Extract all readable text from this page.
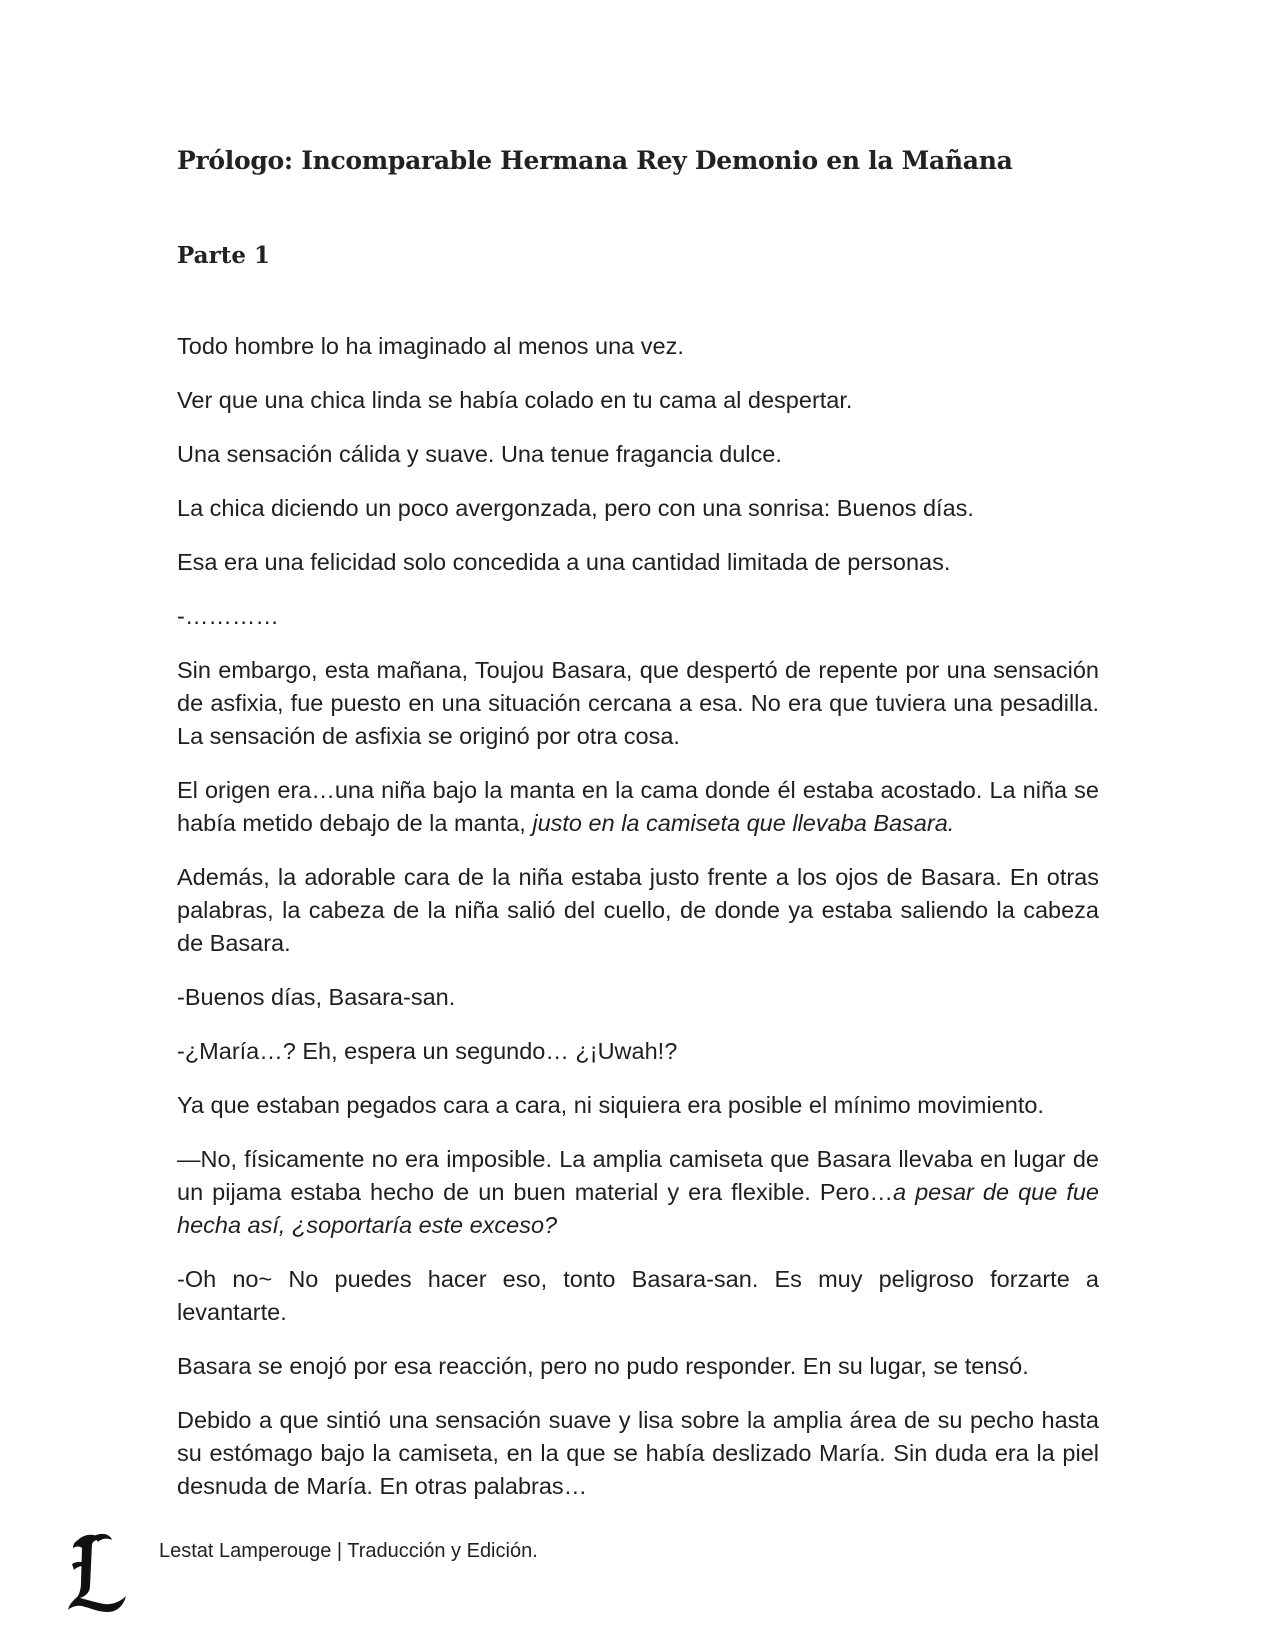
Prólogo: Incomparable Hermana Rey Demonio en la Mañana
Parte 1

Todo hombre lo ha imaginado al menos una vez.

Ver que una chica linda se había colado en tu cama al despertar.

Una sensación cálida y suave. Una tenue fragancia dulce.

La chica diciendo un poco avergonzada, pero con una sonrisa: Buenos días.

Esa era una felicidad solo concedida a una cantidad limitada de personas.

-…………

Sin embargo, esta mañana, Toujou Basara, que despertó de repente por una sensación de asfixia, fue puesto en una situación cercana a esa. No era que tuviera una pesadilla. La sensación de asfixia se originó por otra cosa.

El origen era…una niña bajo la manta en la cama donde él estaba acostado. La niña se había metido debajo de la manta, justo en la camiseta que llevaba Basara.

Además, la adorable cara de la niña estaba justo frente a los ojos de Basara. En otras palabras, la cabeza de la niña salió del cuello, de donde ya estaba saliendo la cabeza de Basara.

-Buenos días, Basara-san.

-¿María…? Eh, espera un segundo… ¿¡Uwah!?

Ya que estaban pegados cara a cara, ni siquiera era posible el mínimo movimiento.

—No, físicamente no era imposible. La amplia camiseta que Basara llevaba en lugar de un pijama estaba hecho de un buen material y era flexible. Pero…a pesar de que fue hecha así, ¿soportaría este exceso?

-Oh no~ No puedes hacer eso, tonto Basara-san. Es muy peligroso forzarte a levantarte.

Basara se enojó por esa reacción, pero no pudo responder. En su lugar, se tensó.

Debido a que sintió una sensación suave y lisa sobre la amplia área de su pecho hasta su estómago bajo la camiseta, en la que se había deslizado María. Sin duda era la piel desnuda de María. En otras palabras…

Lestat Lamperouge | Traducción y Edición.
